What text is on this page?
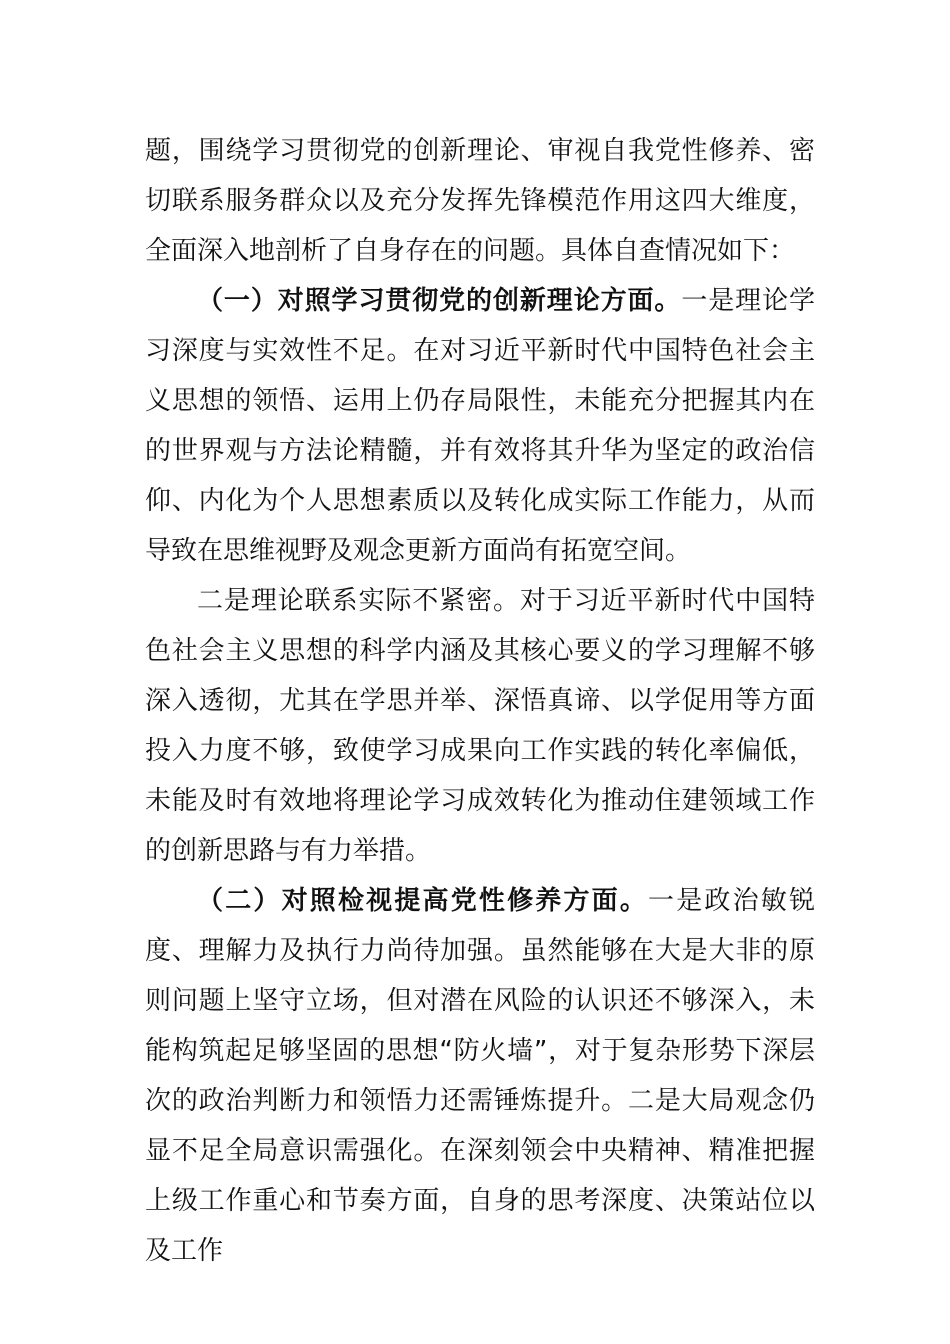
题，围绕学习贯彻党的创新理论、审视自我党性修养、密切联系服务群众以及充分发挥先锋模范作用这四大维度，全面深入地剖析了自身存在的问题。具体自查情况如下：

（一）对照学习贯彻党的创新理论方面。一是理论学习深度与实效性不足。在对习近平新时代中国特色社会主义思想的领悟、运用上仍存局限性，未能充分把握其内在的世界观与方法论精髓，并有效将其升华为坚定的政治信仰、内化为个人思想素质以及转化成实际工作能力，从而导致在思维视野及观念更新方面尚有拓宽空间。

二是理论联系实际不紧密。对于习近平新时代中国特色社会主义思想的科学内涵及其核心要义的学习理解不够深入透彻，尤其在学思并举、深悟真谛、以学促用等方面投入力度不够，致使学习成果向工作实践的转化率偏低，未能及时有效地将理论学习成效转化为推动住建领域工作的创新思路与有力举措。

（二）对照检视提高党性修养方面。一是政治敏锐度、理解力及执行力尚待加强。虽然能够在大是大非的原则问题上坚守立场，但对潜在风险的认识还不够深入，未能构筑起足够坚固的思想“防火墙”，对于复杂形势下深层次的政治判断力和领悟力还需锤炼提升。二是大局观念仍显不足全局意识需强化。在深刻领会中央精神、精准把握上级工作重心和节奏方面，自身的思考深度、决策站位以及工作
